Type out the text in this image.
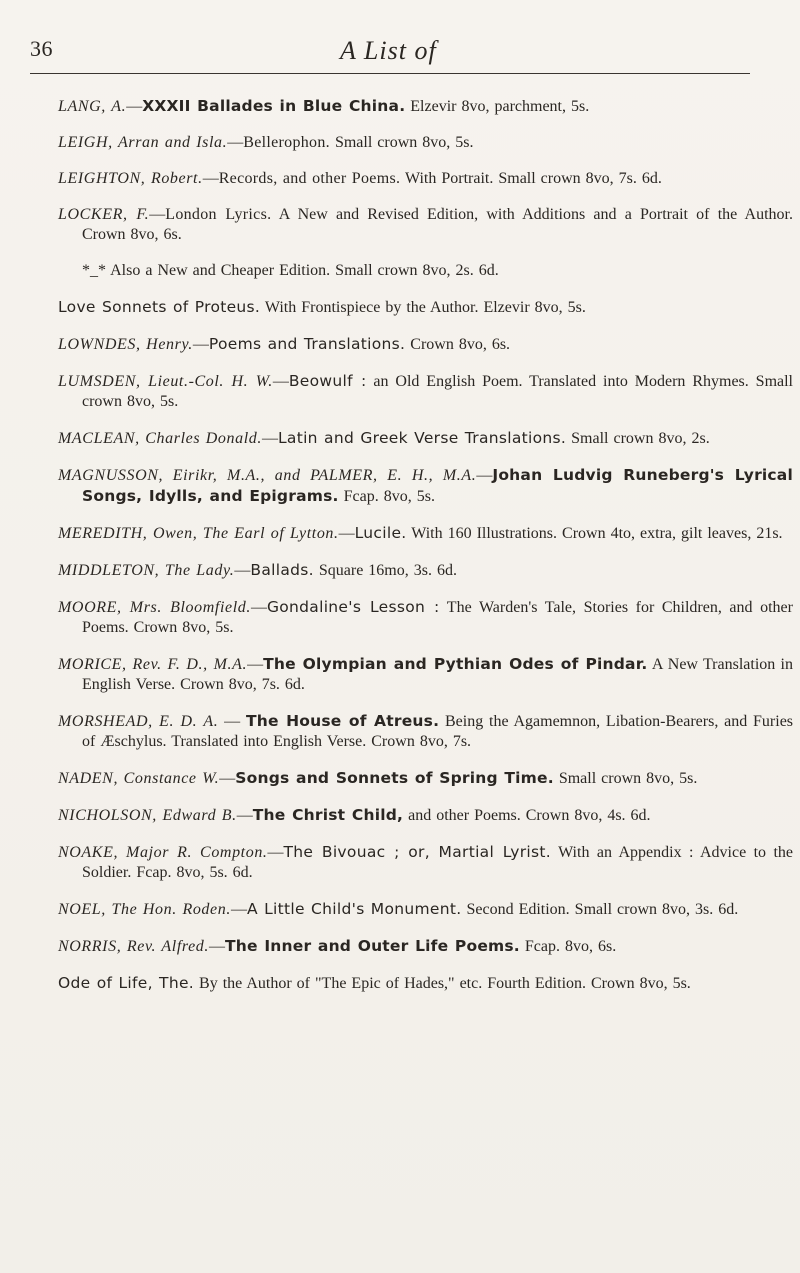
36	A List of

LANG, A.—XXXII Ballades in Blue China. Elzevir 8vo, parchment, 5s.

LEIGH, Arran and Isla.—Bellerophon. Small crown 8vo, 5s.

LEIGHTON, Robert.—Records, and other Poems. With Portrait. Small crown 8vo, 7s. 6d.

LOCKER, F.—London Lyrics. A New and Revised Edition, with Additions and a Portrait of the Author. Crown 8vo, 6s.

*_* Also a New and Cheaper Edition. Small crown 8vo, 2s. 6d.

Love Sonnets of Proteus. With Frontispiece by the Author. Elzevir 8vo, 5s.

LOWNDES, Henry.—Poems and Translations. Crown 8vo, 6s.

LUMSDEN, Lieut.-Col. H. W.—Beowulf : an Old English Poem. Translated into Modern Rhymes. Small crown 8vo, 5s.

MACLEAN, Charles Donald.—Latin and Greek Verse Translations. Small crown 8vo, 2s.

MAGNUSSON, Eirikr, M.A., and PALMER, E. H., M.A.—Johan Ludvig Runeberg's Lyrical Songs, Idylls, and Epigrams. Fcap. 8vo, 5s.

MEREDITH, Owen, The Earl of Lytton.—Lucile. With 160 Illustrations. Crown 4to, extra, gilt leaves, 21s.

MIDDLETON, The Lady.—Ballads. Square 16mo, 3s. 6d.

MOORE, Mrs. Bloomfield.—Gondaline's Lesson : The Warden's Tale, Stories for Children, and other Poems. Crown 8vo, 5s.

MORICE, Rev. F. D., M.A.—The Olympian and Pythian Odes of Pindar. A New Translation in English Verse. Crown 8vo, 7s. 6d.

MORSHEAD, E. D. A. — The House of Atreus. Being the Agamemnon, Libation-Bearers, and Furies of Æschylus. Translated into English Verse. Crown 8vo, 7s.

NADEN, Constance W.—Songs and Sonnets of Spring Time. Small crown 8vo, 5s.

NICHOLSON, Edward B.—The Christ Child, and other Poems. Crown 8vo, 4s. 6d.

NOAKE, Major R. Compton.—The Bivouac ; or, Martial Lyrist. With an Appendix : Advice to the Soldier. Fcap. 8vo, 5s. 6d.

NOEL, The Hon. Roden.—A Little Child's Monument. Second Edition. Small crown 8vo, 3s. 6d.

NORRIS, Rev. Alfred.—The Inner and Outer Life Poems. Fcap. 8vo, 6s.

Ode of Life, The. By the Author of "The Epic of Hades," etc. Fourth Edition. Crown 8vo, 5s.
